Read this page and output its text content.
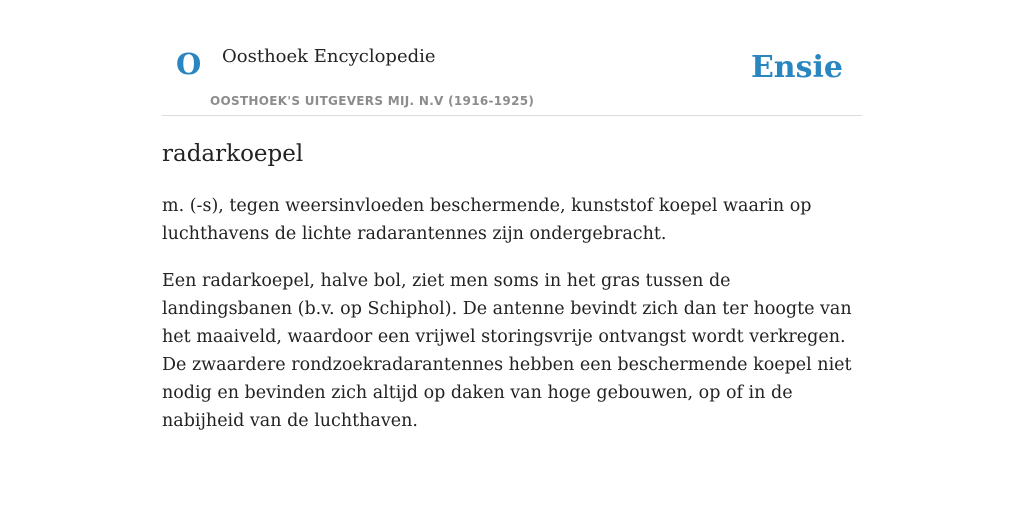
O Oosthoek Encyclopedie
OOSTHOEK'S UITGEVERS MIJ. N.V (1916-1925)
Ensie
radarkoepel

m. (-s), tegen weersinvloeden beschermende, kunststof koepel waarin op luchthavens de lichte radarantennes zijn ondergebracht.

Een radarkoepel, halve bol, ziet men soms in het gras tussen de landingsbanen (b.v. op Schiphol). De antenne bevindt zich dan ter hoogte van het maaiveld, waardoor een vrijwel storingsvrije ontvangst wordt verkregen. De zwaardere rondzoekradarantennes hebben een beschermende koepel niet nodig en bevinden zich altijd op daken van hoge gebouwen, op of in de nabijheid van de luchthaven.
